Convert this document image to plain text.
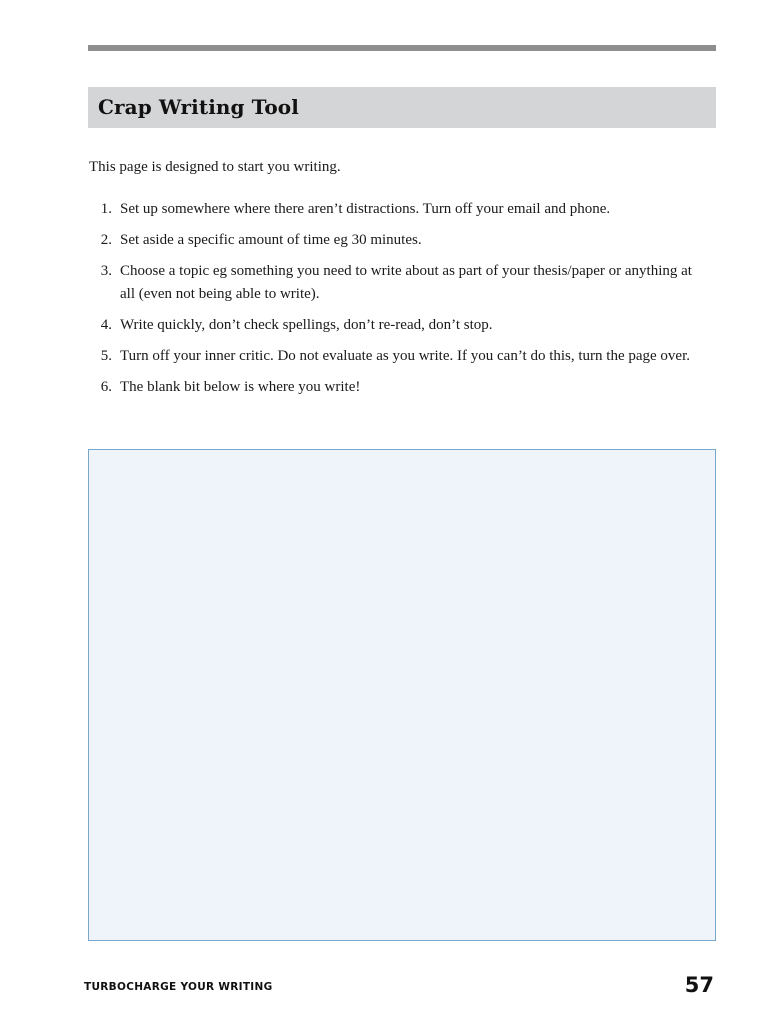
Crap Writing Tool

This page is designed to start you writing.

1. Set up somewhere where there aren’t distractions. Turn off your email and phone.
2. Set aside a specific amount of time eg 30 minutes.
3. Choose a topic eg something you need to write about as part of your thesis/paper or anything at all (even not being able to write).
4. Write quickly, don’t check spellings, don’t re-read, don’t stop.
5. Turn off your inner critic. Do not evaluate as you write. If you can’t do this, turn the page over.
6. The blank bit below is where you write!
TURBOCHARGE YOUR WRITING	57
